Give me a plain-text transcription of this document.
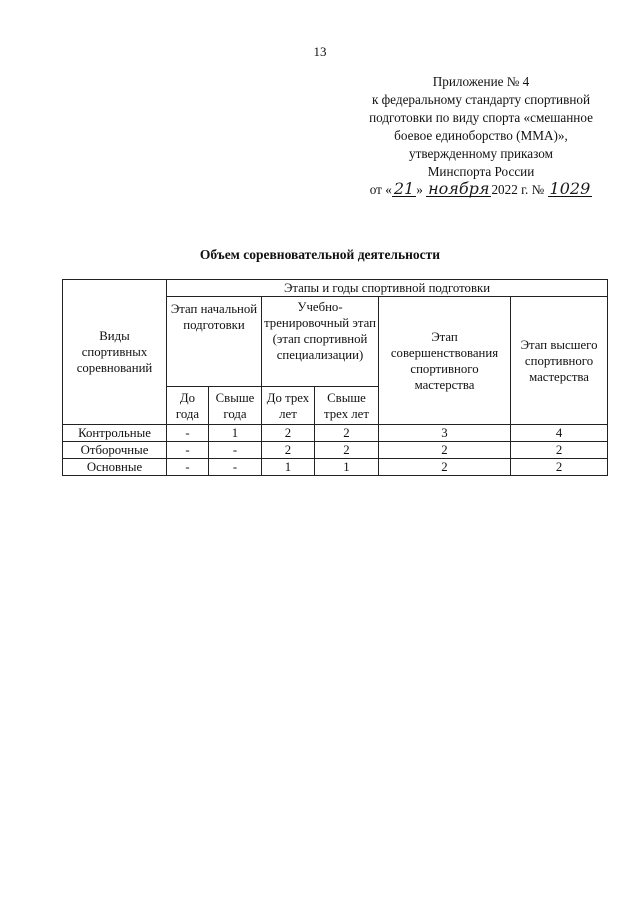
13
Приложение № 4
к федеральному стандарту спортивной
подготовки по виду спорта «смешанное
боевое единоборство (ММА)»,
утвержденному приказом
Минспорта России
от « 21 » ноября 2022 г. № 1029
Объем соревновательной деятельности
Виды спортивных соревнований	Этапы и годы спортивной подготовки					
	Этап начальной подготовки		Учебно-тренировочный этап (этап спортивной специализации)		Этап совершенствования спортивного мастерства	Этап высшего спортивного мастерства
	До года	Свыше года	До трех лет	Свыше трех лет		
Контрольные	-	1	2	2	3	4
Отборочные	-	-	2	2	2	2
Основные	-	-	1	1	2	2
